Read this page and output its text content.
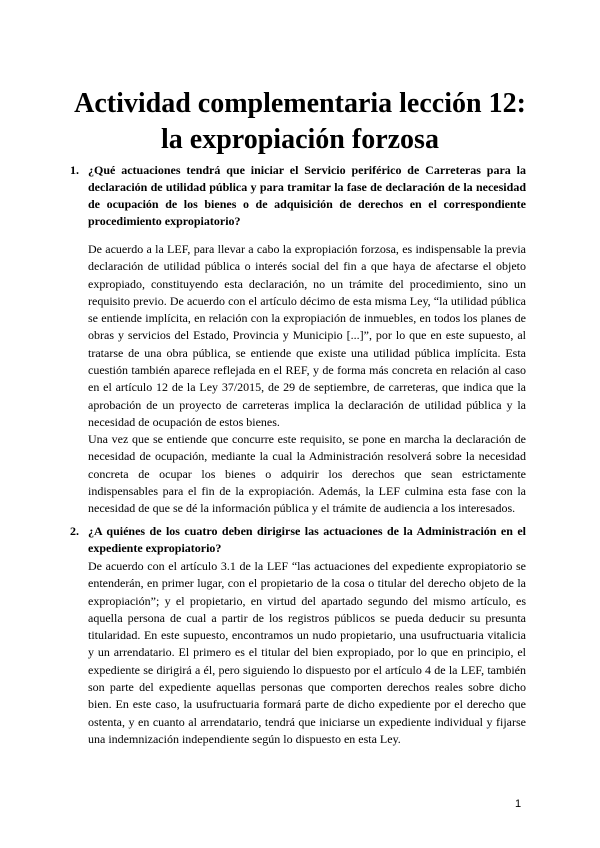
Actividad complementaria lección 12: la expropiación forzosa
1. ¿Qué actuaciones tendrá que iniciar el Servicio periférico de Carreteras para la declaración de utilidad pública y para tramitar la fase de declaración de la necesidad de ocupación de los bienes o de adquisición de derechos en el correspondiente procedimiento expropiatorio?

De acuerdo a la LEF, para llevar a cabo la expropiación forzosa, es indispensable la previa declaración de utilidad pública o interés social del fin a que haya de afectarse el objeto expropiado, constituyendo esta declaración, no un trámite del procedimiento, sino un requisito previo. De acuerdo con el artículo décimo de esta misma Ley, “la utilidad pública se entiende implícita, en relación con la expropiación de inmuebles, en todos los planes de obras y servicios del Estado, Provincia y Municipio [...]”, por lo que en este supuesto, al tratarse de una obra pública, se entiende que existe una utilidad pública implícita. Esta cuestión también aparece reflejada en el REF, y de forma más concreta en relación al caso en el artículo 12 de la Ley 37/2015, de 29 de septiembre, de carreteras, que indica que la aprobación de un proyecto de carreteras implica la declaración de utilidad pública y la necesidad de ocupación de estos bienes.

Una vez que se entiende que concurre este requisito, se pone en marcha la declaración de necesidad de ocupación, mediante la cual la Administración resolverá sobre la necesidad concreta de ocupar los bienes o adquirir los derechos que sean estrictamente indispensables para el fin de la expropiación. Además, la LEF culmina esta fase con la necesidad de que se dé la información pública y el trámite de audiencia a los interesados.

2. ¿A quiénes de los cuatro deben dirigirse las actuaciones de la Administración en el expediente expropiatorio?

De acuerdo con el artículo 3.1 de la LEF “las actuaciones del expediente expropiatorio se entenderán, en primer lugar, con el propietario de la cosa o titular del derecho objeto de la expropiación”; y el propietario, en virtud del apartado segundo del mismo artículo, es aquella persona de cual a partir de los registros públicos se pueda deducir su presunta titularidad. En este supuesto, encontramos un nudo propietario, una usufructuaria vitalicia y un arrendatario. El primero es el titular del bien expropiado, por lo que en principio, el expediente se dirigirá a él, pero siguiendo lo dispuesto por el artículo 4 de la LEF, también son parte del expediente aquellas personas que comporten derechos reales sobre dicho bien. En este caso, la usufructuaria formará parte de dicho expediente por el derecho que ostenta, y en cuanto al arrendatario, tendrá que iniciarse un expediente individual y fijarse una indemnización independiente según lo dispuesto en esta Ley.

1
